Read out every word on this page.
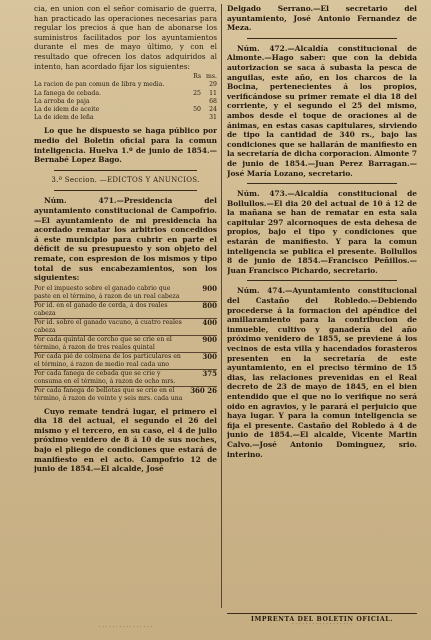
cia, en union con el señor comisario de guerra, han practicado las operaciones necesarias para regular los precios á que han de abonarse los suministros facilitados por los ayuntamientos durante el mes de mayo último, y con el resultado que ofrecen los datos adquiridos al intento, han acordado fijar los siguientes:

	Rs	ms.
La racion de pan comun de libra y media.		29
La fanega de cebada.	25	11
La arroba de paja		68
La de idem de aceite	50	24
La de idem de leña		31

Lo que he dispuesto se haga público por medio del Boletin oficial para la comun inteligencia. Huelva 1.º de junio de 1854.—Bernabé Lopez Bago.

3.ª Seccion. —EDICTOS Y ANUNCIOS.

Núm. 471.—Presidencia del ayuntamiento constitucional de Campofrio.—El ayuntamiento de mi presidencia ha acordado rematar los arbitrios concedidos á este municipio para cubrir en parte el déficit de su presupuesto y son objeto del remate, con espresion de los mismos y tipo total de sus encabezamientos, son los siguientes:

Por el impuesto sobre el ganado cabrio que paste en el término, á razon de un real cabeza	900
Por id. en el ganado de cerda, á dos reales cabeza	800
Por id. sobre el ganado vacuno, á cuatro reales cabeza	400
Por cada quintal de corcho que se crie en el término, á razon de tres reales quintal	900
Por cada pié de colmena de los particulares en el término, á razon de medio real cada uno	300
Por cada fanega de cebada que se crie y consuma en el término, á razon de ocho mrs.	375
Por cada fanega de bellotas que se crie en el término, á razon de veinte y seis mrs. cada una	360 26

Cuyo remate tendrá lugar, el primero el dia 18 del actual, el segundo el 26 del mismo y el tercero, en su caso, el 4 de julio próximo venidero de 8 á 10 de sus noches, bajo el pliego de condiciones que estará de manifiesto en el acto. Campofrio 12 de junio de 1854.—El alcalde, José

· · · · · · · · · · · · · · · ·

Delgado Serrano.—El secretario del ayuntamiento, José Antonio Fernandez de Meza.

Núm. 472.—Alcaldía constitucional de Almonte.—Hago saber: que con la debida autorizacion se saca á subasta la pesca de anguilas, este año, en los charcos de la Bocina, pertenecientes á los propios, verificándose su primer remate el dia 18 del corriente, y el segundo el 25 del mismo, ambos desde el toque de oraciones al de ánimas, en estas casas capitulares, sirviendo de tipo la cantidad de 340 rs., bajo las condiciones que se hallarán de manifiesto en la secretaría de dicha corporacion. Almonte 7 de junio de 1854.—Juan Perez Barragan.—José María Lozano, secretario.

Núm. 473.—Alcaldía constitucional de Bollullos.—El dia 20 del actual de 10 á 12 de la mañana se han de rematar en esta sala capitular 297 alcornoques de esta dehesa de propios, bajo el tipo y condiciones que estarán de manifiesto. Y para la comun inteligencia se publica el presente. Bollullos 8 de junio de 1854.—Francisco Peñillos.—Juan Francisco Pichardo, secretario.

Núm. 474.—Ayuntamiento constitucional del Castaño del Robledo.—Debiendo procederse á la formacion del apéndice del amillaramiento para la contribucion de inmueble, cultivo y ganadería del año próximo venidero de 1855, se previene á los vecinos de esta villa y hacendados forasteros presenten en la secretaría de este ayuntamiento, en el preciso término de 15 dias, las relaciones prevenidas en el Real decreto de 23 de mayo de 1845, en el bien entendido que el que no lo verifique no será oido en agravios, y le parará el perjuicio que haya lugar. Y para la comun inteligencia se fija el presente. Castaño del Robledo á 4 de junio de 1854.—El alcalde, Vicente Martin Calvo.—José Antonio Dominguez, srio. interino.

IMPRENTA DEL BOLETIN OFICIAL.
· · · · · · · · · · · · · · · · · ·
